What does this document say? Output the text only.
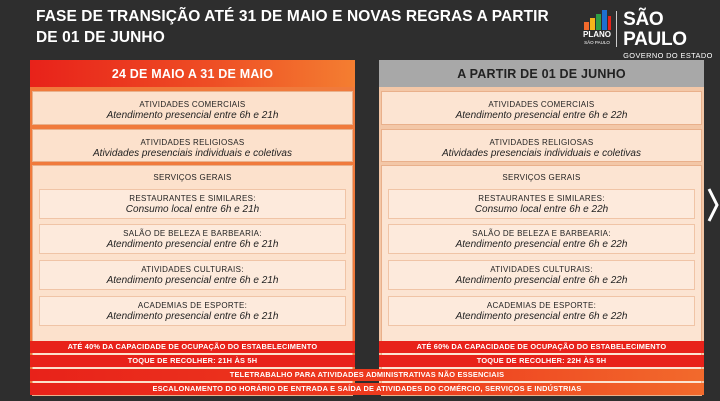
FASE DE TRANSIÇÃO ATÉ 31 DE MAIO E NOVAS REGRAS A PARTIR DE 01 DE JUNHO	PLANO
SÃO PAULO
SÃO PAULO
GOVERNO DO ESTADO
24 DE MAIO A 31 DE MAIO
ATIVIDADES COMERCIAIS
Atendimento presencial entre 6h e 21h
ATIVIDADES RELIGIOSAS
Atividades presenciais individuais e coletivas
SERVIÇOS GERAIS
RESTAURANTES E SIMILARES:
Consumo local entre 6h e 21h
SALÃO DE BELEZA E BARBEARIA:
Atendimento presencial entre 6h e 21h
ATIVIDADES CULTURAIS:
Atendimento presencial entre 6h e 21h
ACADEMIAS DE ESPORTE:
Atendimento presencial entre 6h e 21h
A PARTIR DE 01 DE JUNHO
ATIVIDADES COMERCIAIS
Atendimento presencial entre 6h e 22h
ATIVIDADES RELIGIOSAS
Atividades presenciais individuais e coletivas
SERVIÇOS GERAIS
RESTAURANTES E SIMILARES:
Consumo local entre 6h e 22h
SALÃO DE BELEZA E BARBEARIA:
Atendimento presencial entre 6h e 22h
ATIVIDADES CULTURAIS:
Atendimento presencial entre 6h e 22h
ACADEMIAS DE ESPORTE:
Atendimento presencial entre 6h e 22h
ATÉ 40% DA CAPACIDADE DE OCUPAÇÃO DO ESTABELECIMENTO
TOQUE DE RECOLHER: 21H ÀS 5H
ATÉ 60% DA CAPACIDADE DE OCUPAÇÃO DO ESTABELECIMENTO
TOQUE DE RECOLHER: 22H ÀS 5H
TELETRABALHO PARA ATIVIDADES ADMINISTRATIVAS NÃO ESSENCIAIS
ESCALONAMENTO DO HORÁRIO DE ENTRADA E SAÍDA DE ATIVIDADES DO COMÉRCIO, SERVIÇOS E INDÚSTRIAS
